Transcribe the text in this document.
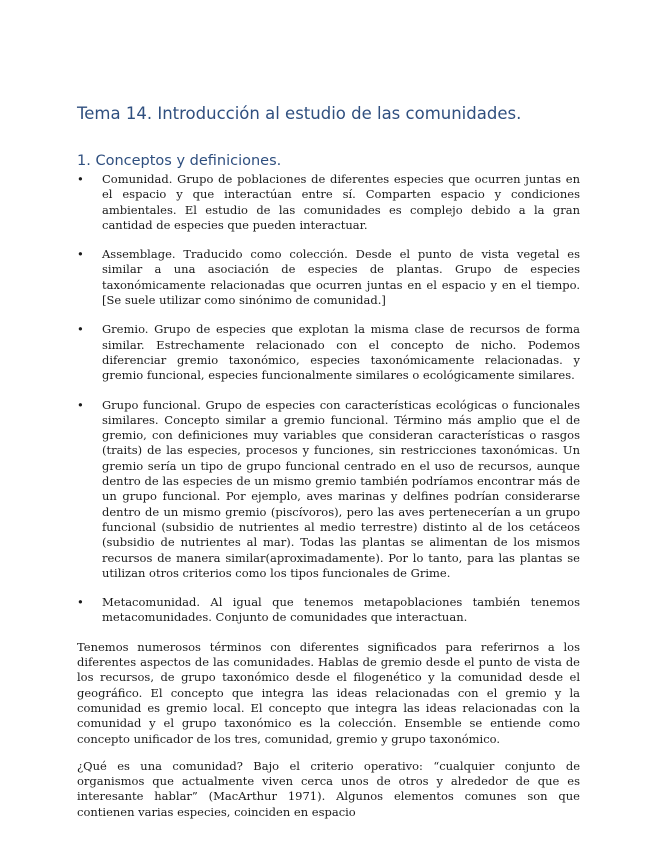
Tema 14. Introducción al estudio de las comunidades.
1. Conceptos y definiciones.
• Comunidad. Grupo de poblaciones de diferentes especies que ocurren juntas en el espacio y que interactúan entre sí. Comparten espacio y condiciones ambientales. El estudio de las comunidades es complejo debido a la gran cantidad de especies que pueden interactuar.
• Assemblage. Traducido como colección. Desde el punto de vista vegetal es similar a una asociación de especies de plantas. Grupo de especies taxonómicamente relacionadas que ocurren juntas en el espacio y en el tiempo. [Se suele utilizar como sinónimo de comunidad.]
• Gremio. Grupo de especies que explotan la misma clase de recursos de forma similar. Estrechamente relacionado con el concepto de nicho. Podemos diferenciar gremio taxonómico, especies taxonómicamente relacionadas. y gremio funcional, especies funcionalmente similares o ecológicamente similares.
• Grupo funcional. Grupo de especies con características ecológicas o funcionales similares. Concepto similar a gremio funcional. Término más amplio que el de gremio, con definiciones muy variables que consideran características o rasgos (traits) de las especies, procesos y funciones, sin restricciones taxonómicas. Un gremio sería un tipo de grupo funcional centrado en el uso de recursos, aunque dentro de las especies de un mismo gremio también podríamos encontrar más de un grupo funcional. Por ejemplo, aves marinas y delfines podrían considerarse dentro de un mismo gremio (piscívoros), pero las aves pertenecerían a un grupo funcional (subsidio de nutrientes al medio terrestre) distinto al de los cetáceos (subsidio de nutrientes al mar). Todas las plantas se alimentan de los mismos recursos de manera similar(aproximadamente). Por lo tanto, para las plantas se utilizan otros criterios como los tipos funcionales de Grime.
• Metacomunidad. Al igual que tenemos metapoblaciones también tenemos metacomunidades. Conjunto de comunidades que interactuan.

Tenemos numerosos términos con diferentes significados para referirnos a los diferentes aspectos de las comunidades. Hablas de gremio desde el punto de vista de los recursos, de grupo taxonómico desde el filogenético y la comunidad desde el geográfico. El concepto que integra las ideas relacionadas con el gremio y la comunidad es gremio local. El concepto que integra las ideas relacionadas con la comunidad y el grupo taxonómico es la colección. Ensemble se entiende como concepto unificador de los tres, comunidad, gremio y grupo taxonómico.

¿Qué es una comunidad? Bajo el criterio operativo: “cualquier conjunto de organismos que actualmente viven cerca unos de otros y alrededor de que es interesante hablar” (MacArthur 1971). Algunos elementos comunes son que contienen varias especies, coinciden en espacio
